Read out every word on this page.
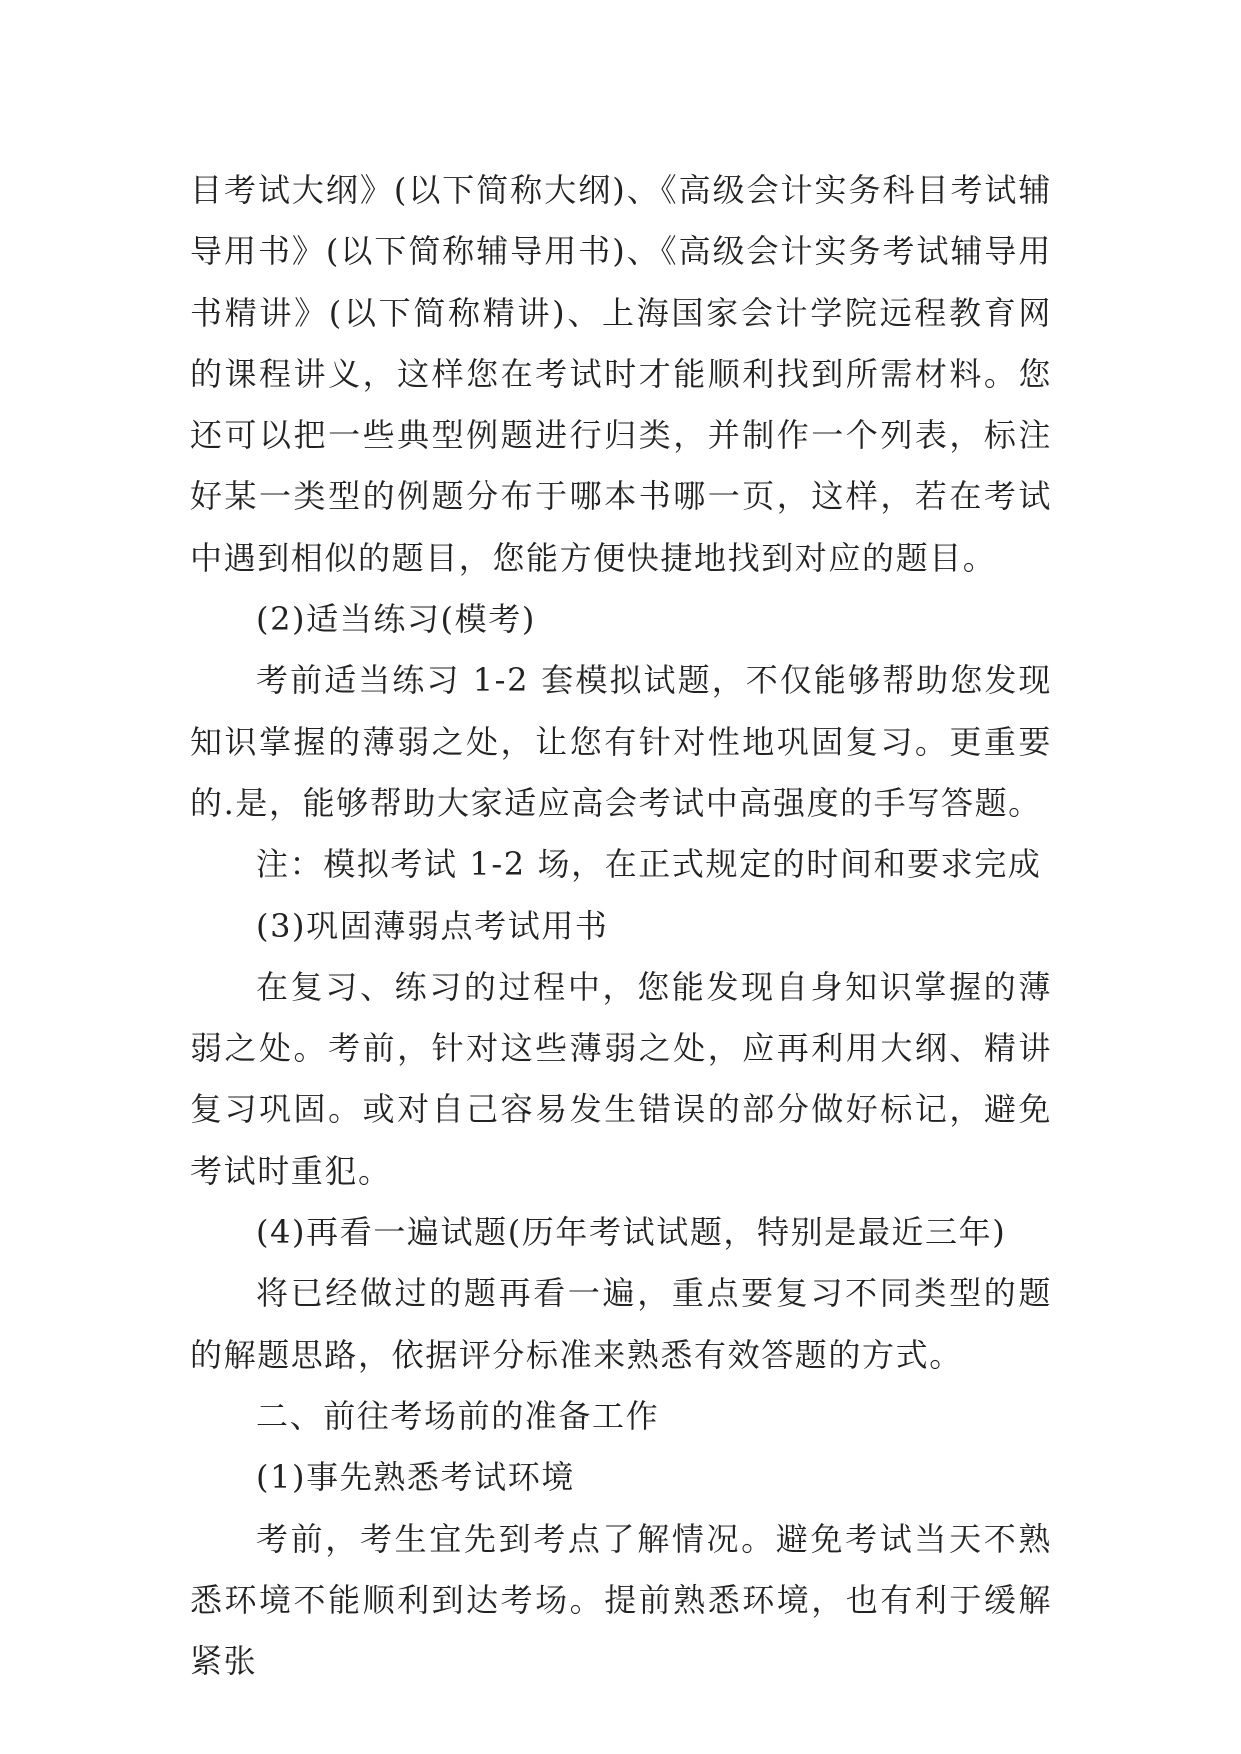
目考试大纲》(以下简称大纲)、《高级会计实务科目考试辅导用书》(以下简称辅导用书)、《高级会计实务考试辅导用书精讲》(以下简称精讲)、上海国家会计学院远程教育网的课程讲义，这样您在考试时才能顺利找到所需材料。您还可以把一些典型例题进行归类，并制作一个列表，标注好某一类型的例题分布于哪本书哪一页，这样，若在考试中遇到相似的题目，您能方便快捷地找到对应的题目。

(2)适当练习(模考)

考前适当练习 1-2 套模拟试题，不仅能够帮助您发现知识掌握的薄弱之处，让您有针对性地巩固复习。更重要的.是，能够帮助大家适应高会考试中高强度的手写答题。

注：模拟考试 1-2 场，在正式规定的时间和要求完成

(3)巩固薄弱点考试用书

在复习、练习的过程中，您能发现自身知识掌握的薄弱之处。考前，针对这些薄弱之处，应再利用大纲、精讲复习巩固。或对自己容易发生错误的部分做好标记，避免考试时重犯。

(4)再看一遍试题(历年考试试题，特别是最近三年)

将已经做过的题再看一遍，重点要复习不同类型的题的解题思路，依据评分标准来熟悉有效答题的方式。

二、前往考场前的准备工作

(1)事先熟悉考试环境

考前，考生宜先到考点了解情况。避免考试当天不熟悉环境不能顺利到达考场。提前熟悉环境，也有利于缓解紧张
